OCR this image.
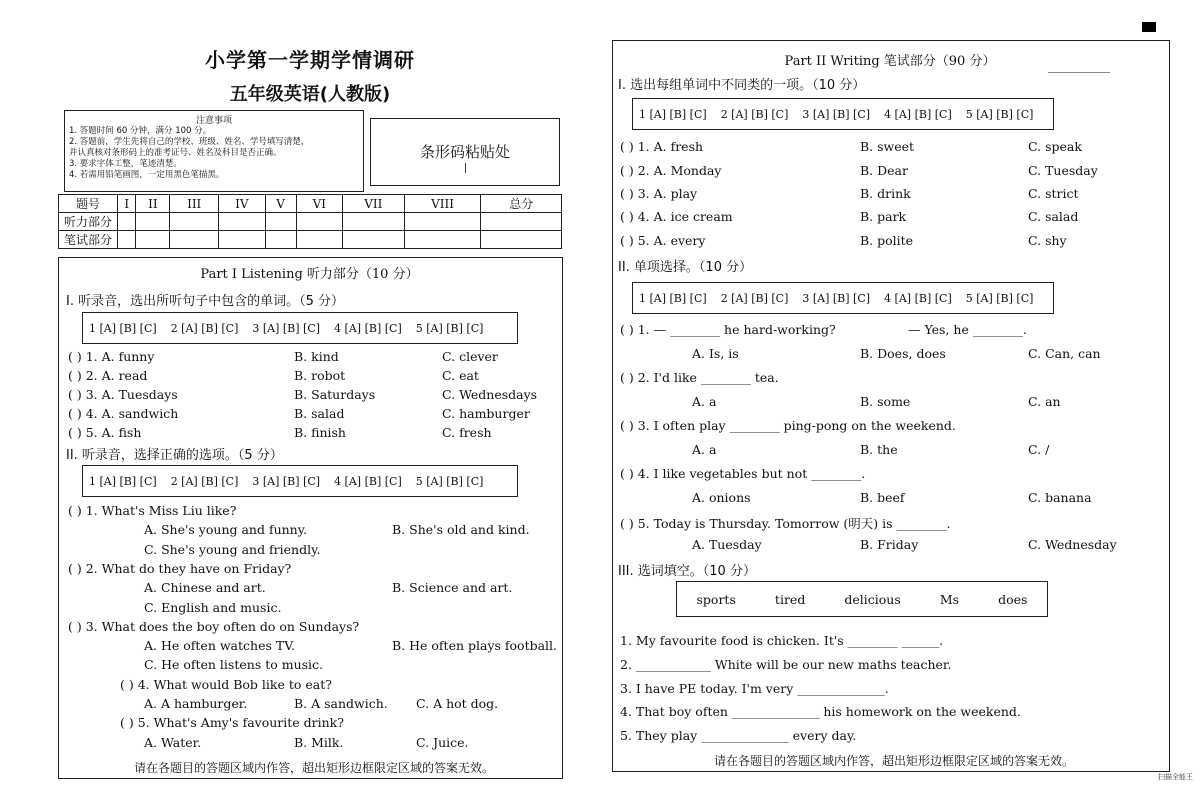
小学第一学期学情调研
五年级英语(人教版)
注意事项
1. 答题时间 60 分钟，满分 100 分。
2. 答题前，学生先将自己的学校、班级、姓名、学号填写清楚，
并认真核对条形码上的准考证号、姓名及科目是否正确。
3. 要求字体工整，笔迹清楚。
4. 若需用铅笔画图，一定用黑色笔描黑。
条形码粘贴处
题号	I	II	III	IV	V	VI	VII	VIII	总分
听力部分									
笔试部分									
Part I Listening 听力部分（10 分）
I. 听录音，选出所听句子中包含的单词。（5 分）
1 [A] [B] [C] 2 [A] [B] [C] 3 [A] [B] [C] 4 [A] [B] [C] 5 [A] [B] [C]
( ) 1. A. funny	B. kind	C. clever
( ) 2. A. read	B. robot	C. eat
( ) 3. A. Tuesdays	B. Saturdays	C. Wednesdays
( ) 4. A. sandwich	B. salad	C. hamburger
( ) 5. A. fish	B. finish	C. fresh
II. 听录音，选择正确的选项。（5 分）
1 [A] [B] [C] 2 [A] [B] [C] 3 [A] [B] [C] 4 [A] [B] [C] 5 [A] [B] [C]
( ) 1. What's Miss Liu like?
A. She's young and funny.	B. She's old and kind.
C. She's young and friendly.
( ) 2. What do they have on Friday?
A. Chinese and art.	B. Science and art.
C. English and music.
( ) 3. What does the boy often do on Sundays?
A. He often watches TV.	B. He often plays football.
C. He often listens to music.
( ) 4. What would Bob like to eat?
A. A hamburger.	B. A sandwich. C. A hot dog.
( ) 5. What's Amy's favourite drink?
A. Water.	B. Milk.	C. Juice.
请在各题目的答题区域内作答，超出矩形边框限定区域的答案无效。
Part II Writing 笔试部分（90 分）
I. 选出每组单词中不同类的一项。（10 分）
1 [A] [B] [C] 2 [A] [B] [C] 3 [A] [B] [C] 4 [A] [B] [C] 5 [A] [B] [C]
( ) 1. A. fresh	B. sweet	C. speak
( ) 2. A. Monday	B. Dear	C. Tuesday
( ) 3. A. play	B. drink	C. strict
( ) 4. A. ice cream	B. park	C. salad
( ) 5. A. every	B. polite	C. shy
II. 单项选择。（10 分）
1 [A] [B] [C] 2 [A] [B] [C] 3 [A] [B] [C] 4 [A] [B] [C] 5 [A] [B] [C]
( ) 1. — ________ he hard-working?	— Yes, he ________.
A. Is, is	B. Does, does	C. Can, can
( ) 2. I'd like ________ tea.
A. a	B. some	C. an
( ) 3. I often play ________ ping-pong on the weekend.
A. a	B. the	C. /
( ) 4. I like vegetables but not ________.
A. onions	B. beef	C. banana
( ) 5. Today is Thursday. Tomorrow (明天) is ________.
A. Tuesday	B. Friday	C. Wednesday
III. 选词填空。（10 分）
sports	tired	delicious	Ms	does
1. My favourite food is chicken. It's ________ ______.
2. ____________ White will be our new maths teacher.
3. I have PE today. I'm very ______________.
4. That boy often ______________ his homework on the weekend.
5. They play ______________ every day.
请在各题目的答题区域内作答，超出矩形边框限定区域的答案无效。
扫描全能王
